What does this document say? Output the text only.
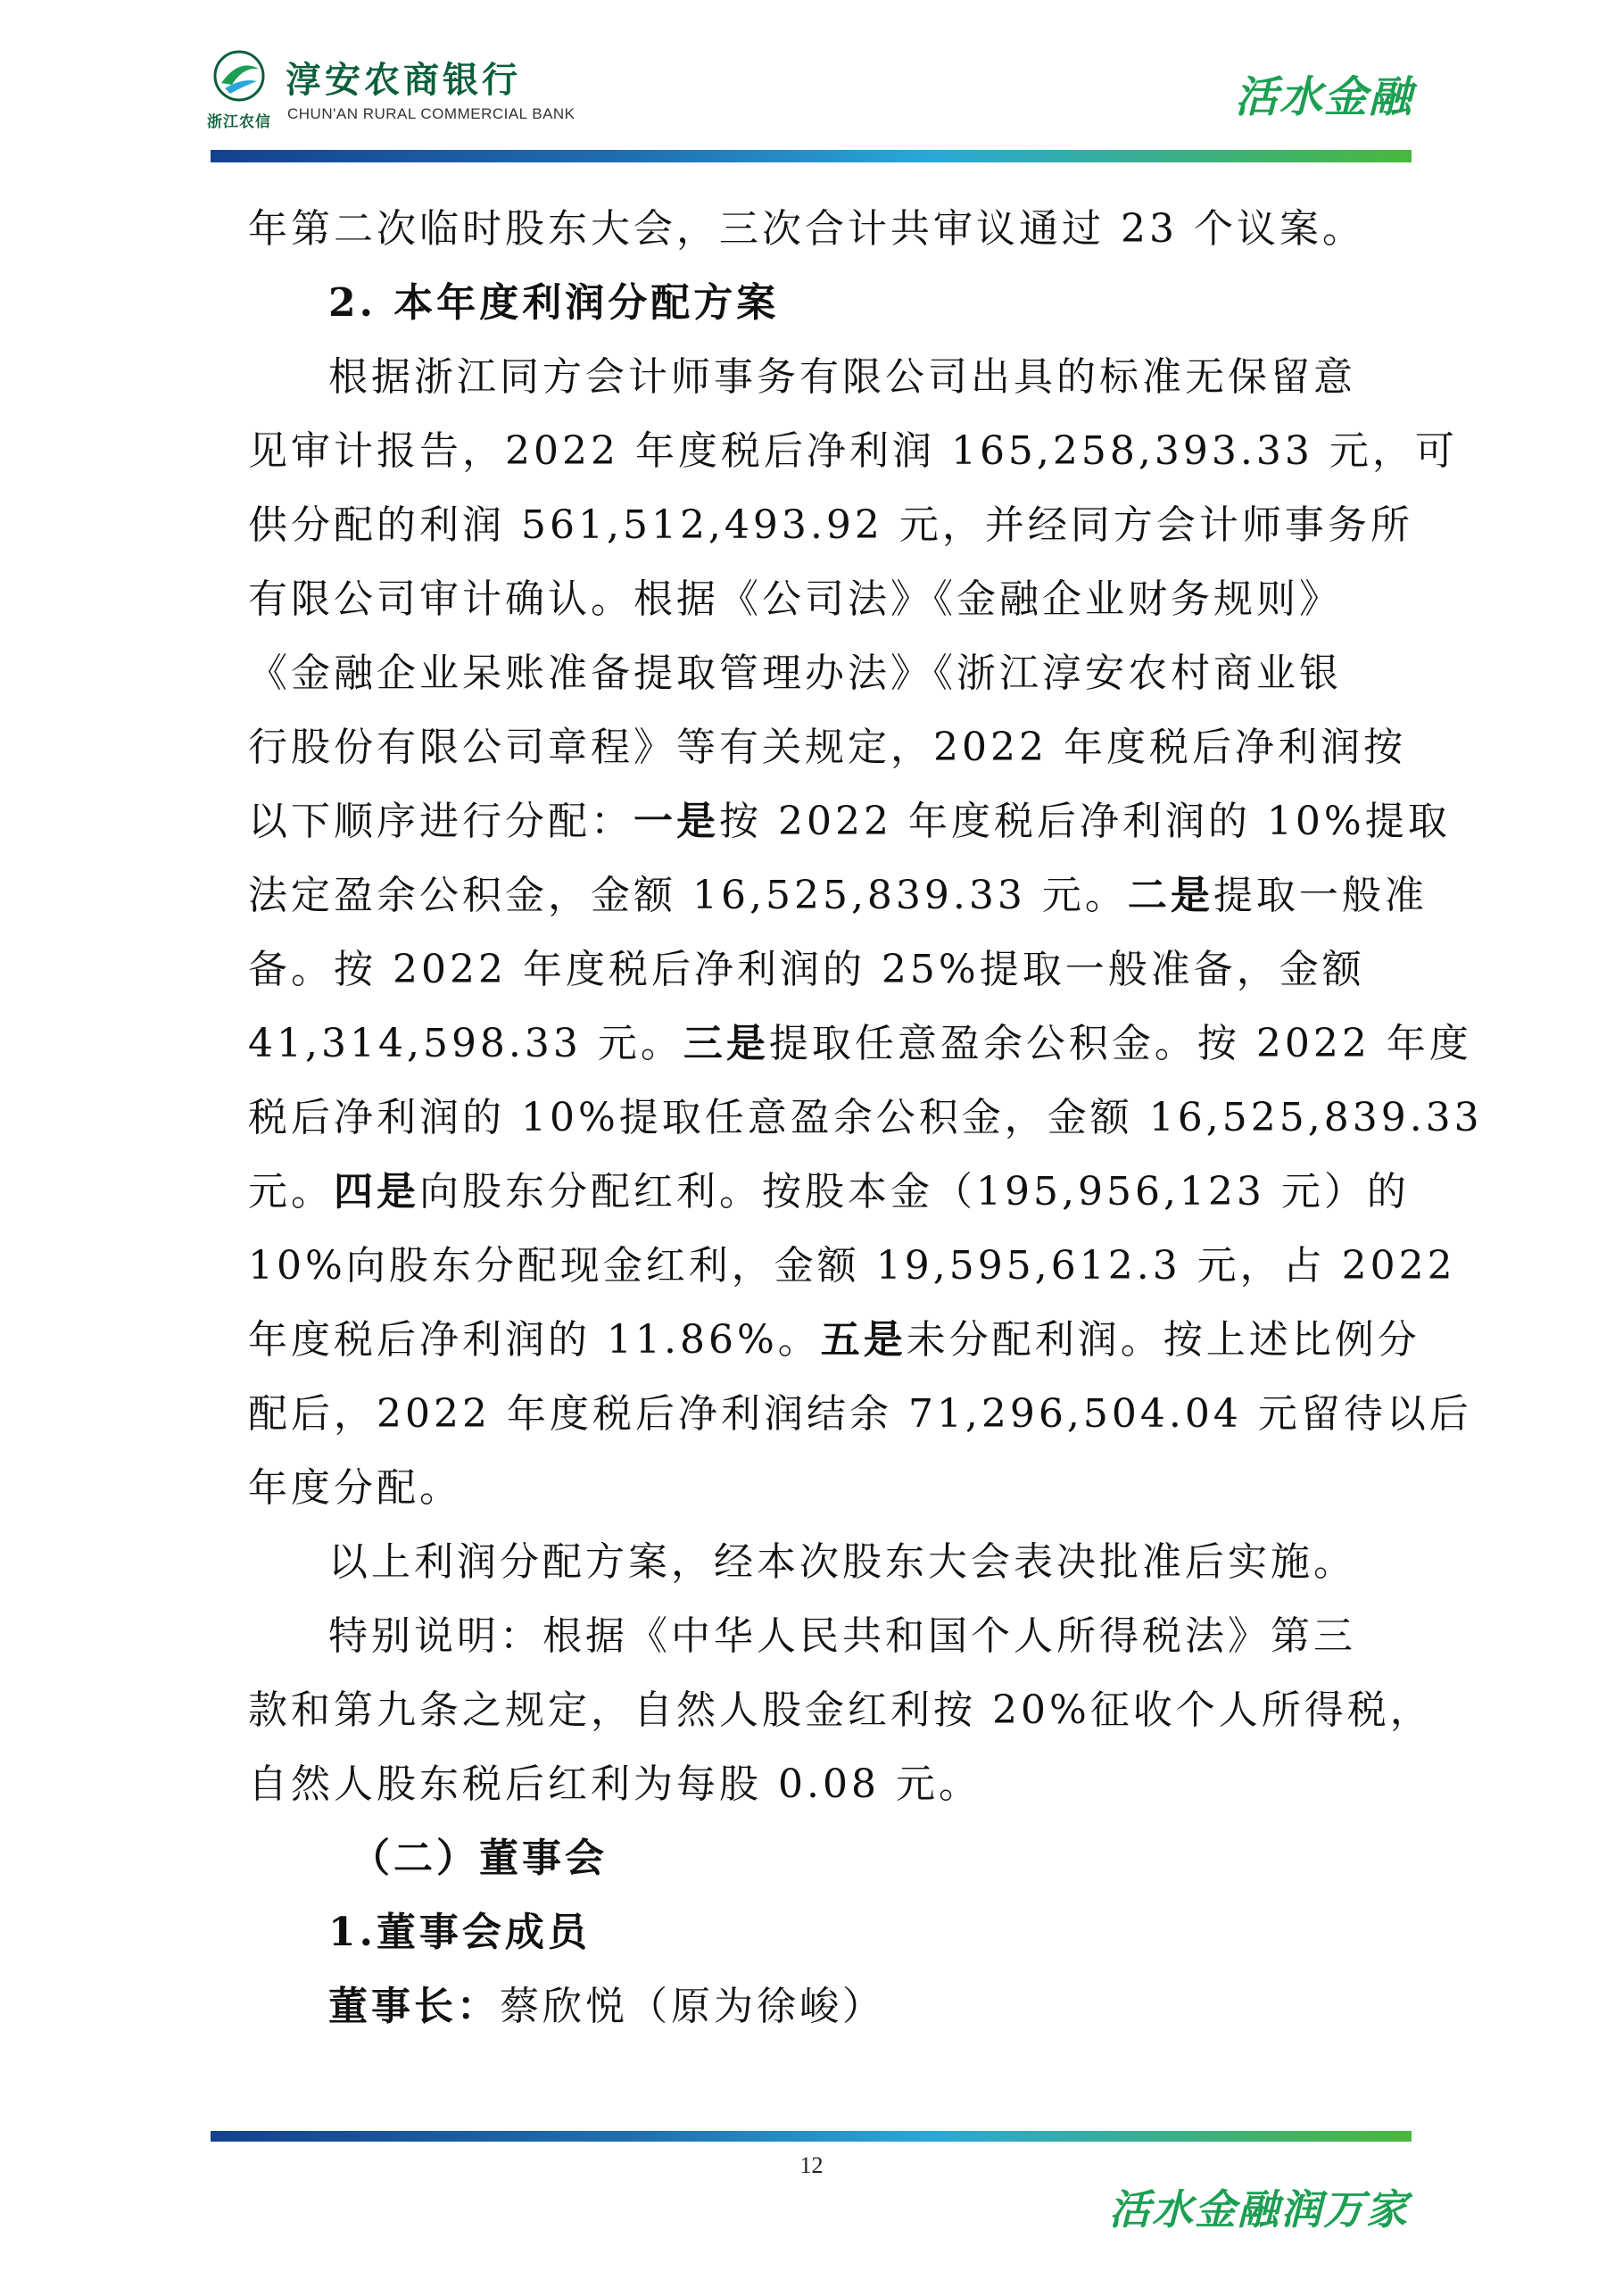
浙江农信
淳安农商银行
CHUN'AN RURAL COMMERCIAL BANK	活水金融
年第二次临时股东大会，三次合计共审议通过 23 个议案。
2. 本年度利润分配方案
根据浙江同方会计师事务有限公司出具的标准无保留意
见审计报告，2022 年度税后净利润 165,258,393.33 元，可
供分配的利润 561,512,493.92 元，并经同方会计师事务所
有限公司审计确认。根据《公司法》《金融企业财务规则》
《金融企业呆账准备提取管理办法》《浙江淳安农村商业银
行股份有限公司章程》等有关规定，2022 年度税后净利润按
以下顺序进行分配：一是按 2022 年度税后净利润的 10%提取
法定盈余公积金，金额 16,525,839.33 元。二是提取一般准
备。按 2022 年度税后净利润的 25%提取一般准备，金额
41,314,598.33 元。三是提取任意盈余公积金。按 2022 年度
税后净利润的 10%提取任意盈余公积金，金额 16,525,839.33
元。四是向股东分配红利。按股本金（195,956,123 元）的
10%向股东分配现金红利，金额 19,595,612.3 元，占 2022
年度税后净利润的 11.86%。五是未分配利润。按上述比例分
配后，2022 年度税后净利润结余 71,296,504.04 元留待以后
年度分配。
以上利润分配方案，经本次股东大会表决批准后实施。
特别说明：根据《中华人民共和国个人所得税法》第三
款和第九条之规定，自然人股金红利按 20%征收个人所得税，
自然人股东税后红利为每股 0.08 元。
（二）董事会
1.董事会成员
董事长：蔡欣悦（原为徐峻）
12
活水金融润万家
